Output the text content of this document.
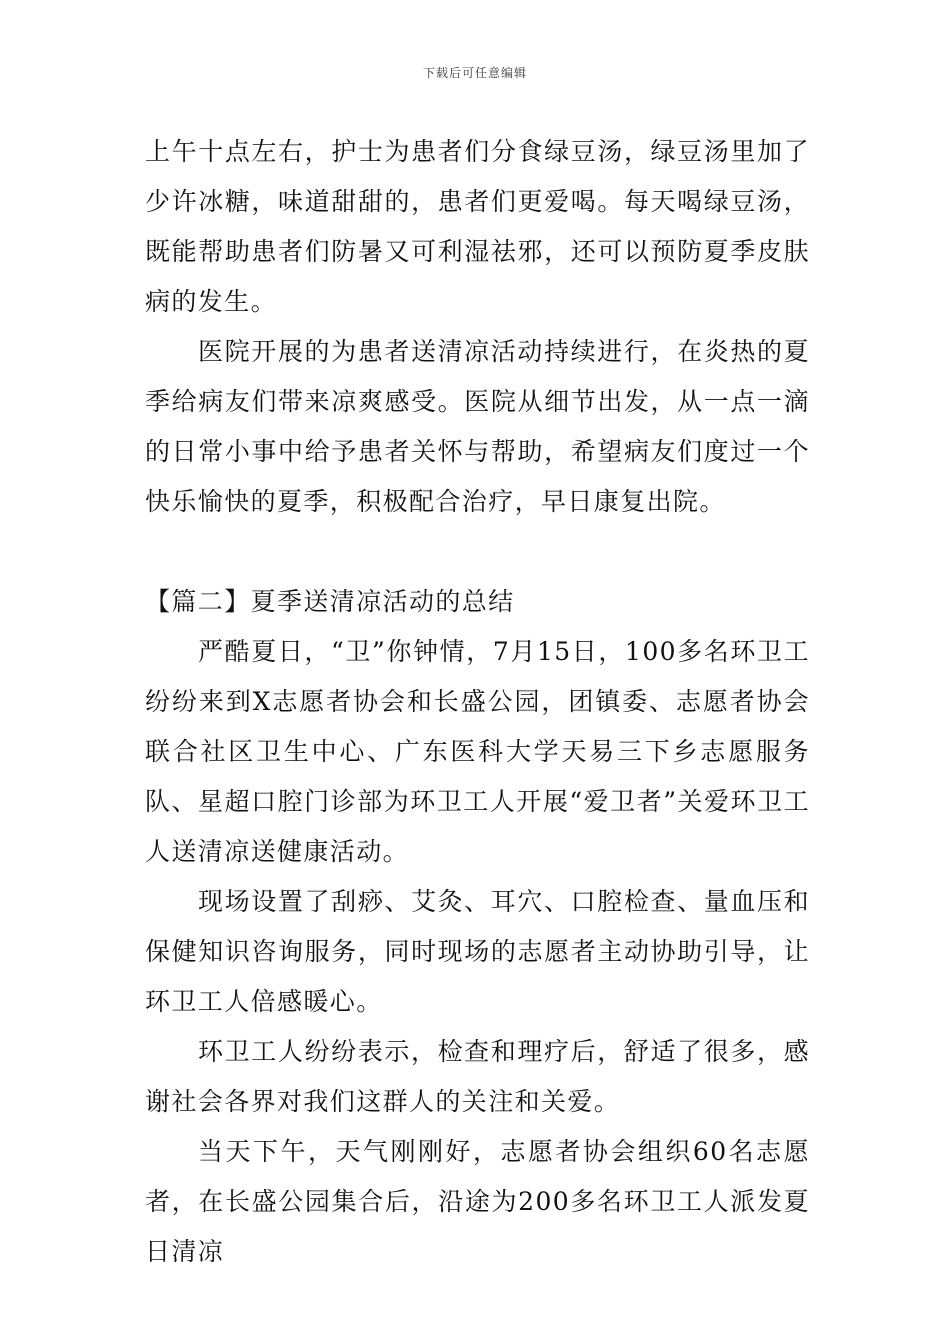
下载后可任意编辑

上午十点左右，护士为患者们分食绿豆汤，绿豆汤里加了少许冰糖，味道甜甜的，患者们更爱喝。每天喝绿豆汤，既能帮助患者们防暑又可利湿祛邪，还可以预防夏季皮肤病的发生。

医院开展的为患者送清凉活动持续进行，在炎热的夏季给病友们带来凉爽感受。医院从细节出发，从一点一滴的日常小事中给予患者关怀与帮助，希望病友们度过一个快乐愉快的夏季，积极配合治疗，早日康复出院。

【篇二】夏季送清凉活动的总结

严酷夏日，“卫”你钟情，7月15日，100多名环卫工纷纷来到X志愿者协会和长盛公园，团镇委、志愿者协会联合社区卫生中心、广东医科大学天易三下乡志愿服务队、星超口腔门诊部为环卫工人开展“爱卫者”关爱环卫工人送清凉送健康活动。

现场设置了刮痧、艾灸、耳穴、口腔检查、量血压和保健知识咨询服务，同时现场的志愿者主动协助引导，让环卫工人倍感暖心。

环卫工人纷纷表示，检查和理疗后，舒适了很多，感谢社会各界对我们这群人的关注和关爱。

当天下午，天气刚刚好，志愿者协会组织60名志愿者，在长盛公园集合后，沿途为200多名环卫工人派发夏日清凉
